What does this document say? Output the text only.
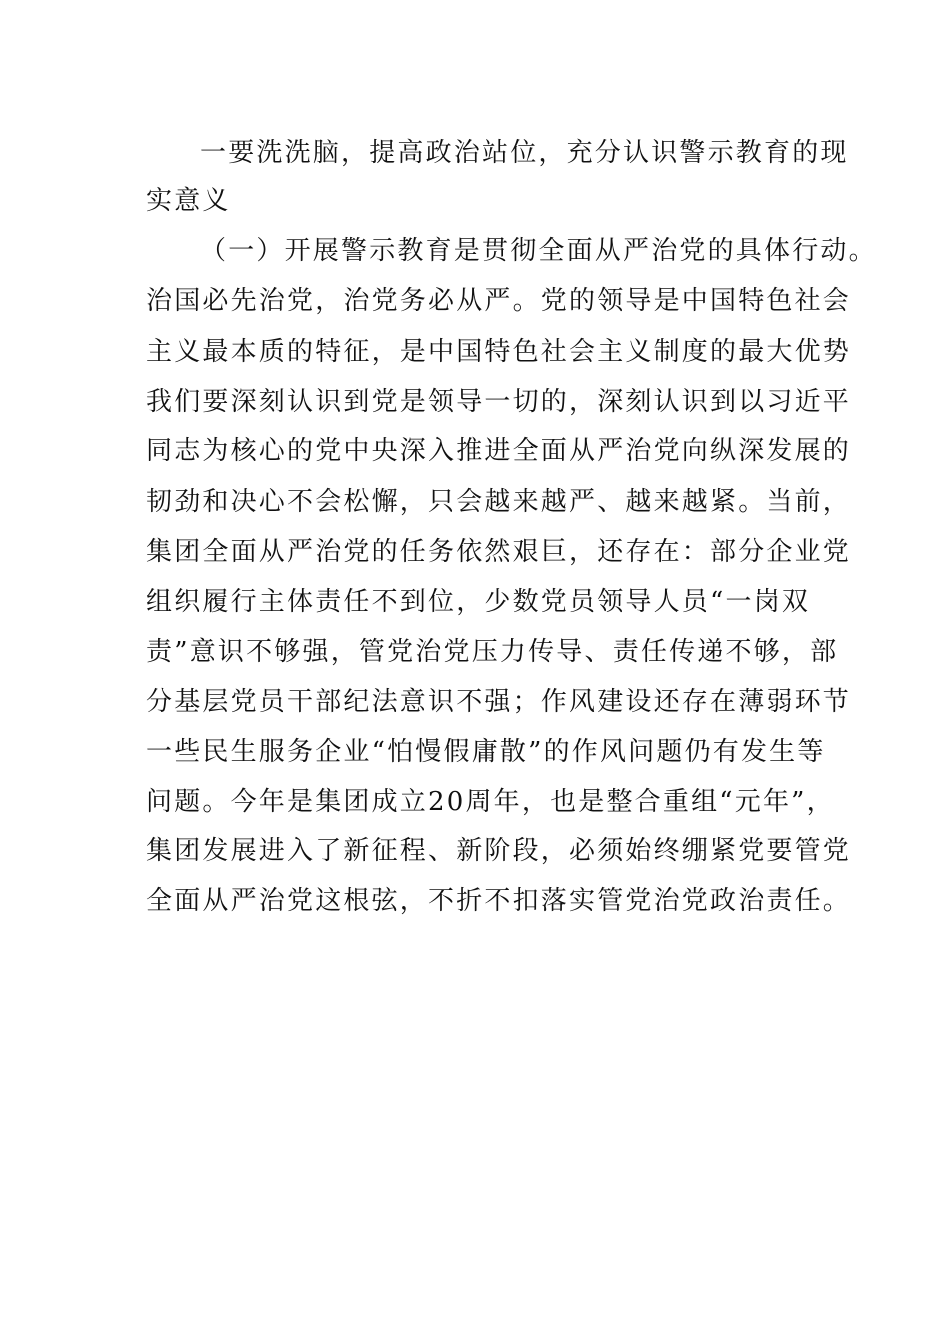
一要洗洗脑，提高政治站位，充分认识警示教育的现
实意义
（一）开展警示教育是贯彻全面从严治党的具体行动。
治国必先治党，治党务必从严。党的领导是中国特色社会
主义最本质的特征，是中国特色社会主义制度的最大优势
我们要深刻认识到党是领导一切的，深刻认识到以习近平
同志为核心的党中央深入推进全面从严治党向纵深发展的
韧劲和决心不会松懈，只会越来越严、越来越紧。当前，
集团全面从严治党的任务依然艰巨，还存在：部分企业党
组织履行主体责任不到位，少数党员领导人员“一岗双
责”意识不够强，管党治党压力传导、责任传递不够，部
分基层党员干部纪法意识不强；作风建设还存在薄弱环节
一些民生服务企业“怕慢假庸散”的作风问题仍有发生等
问题。今年是集团成立20周年，也是整合重组“元年”，
集团发展进入了新征程、新阶段，必须始终绷紧党要管党
全面从严治党这根弦，不折不扣落实管党治党政治责任。
